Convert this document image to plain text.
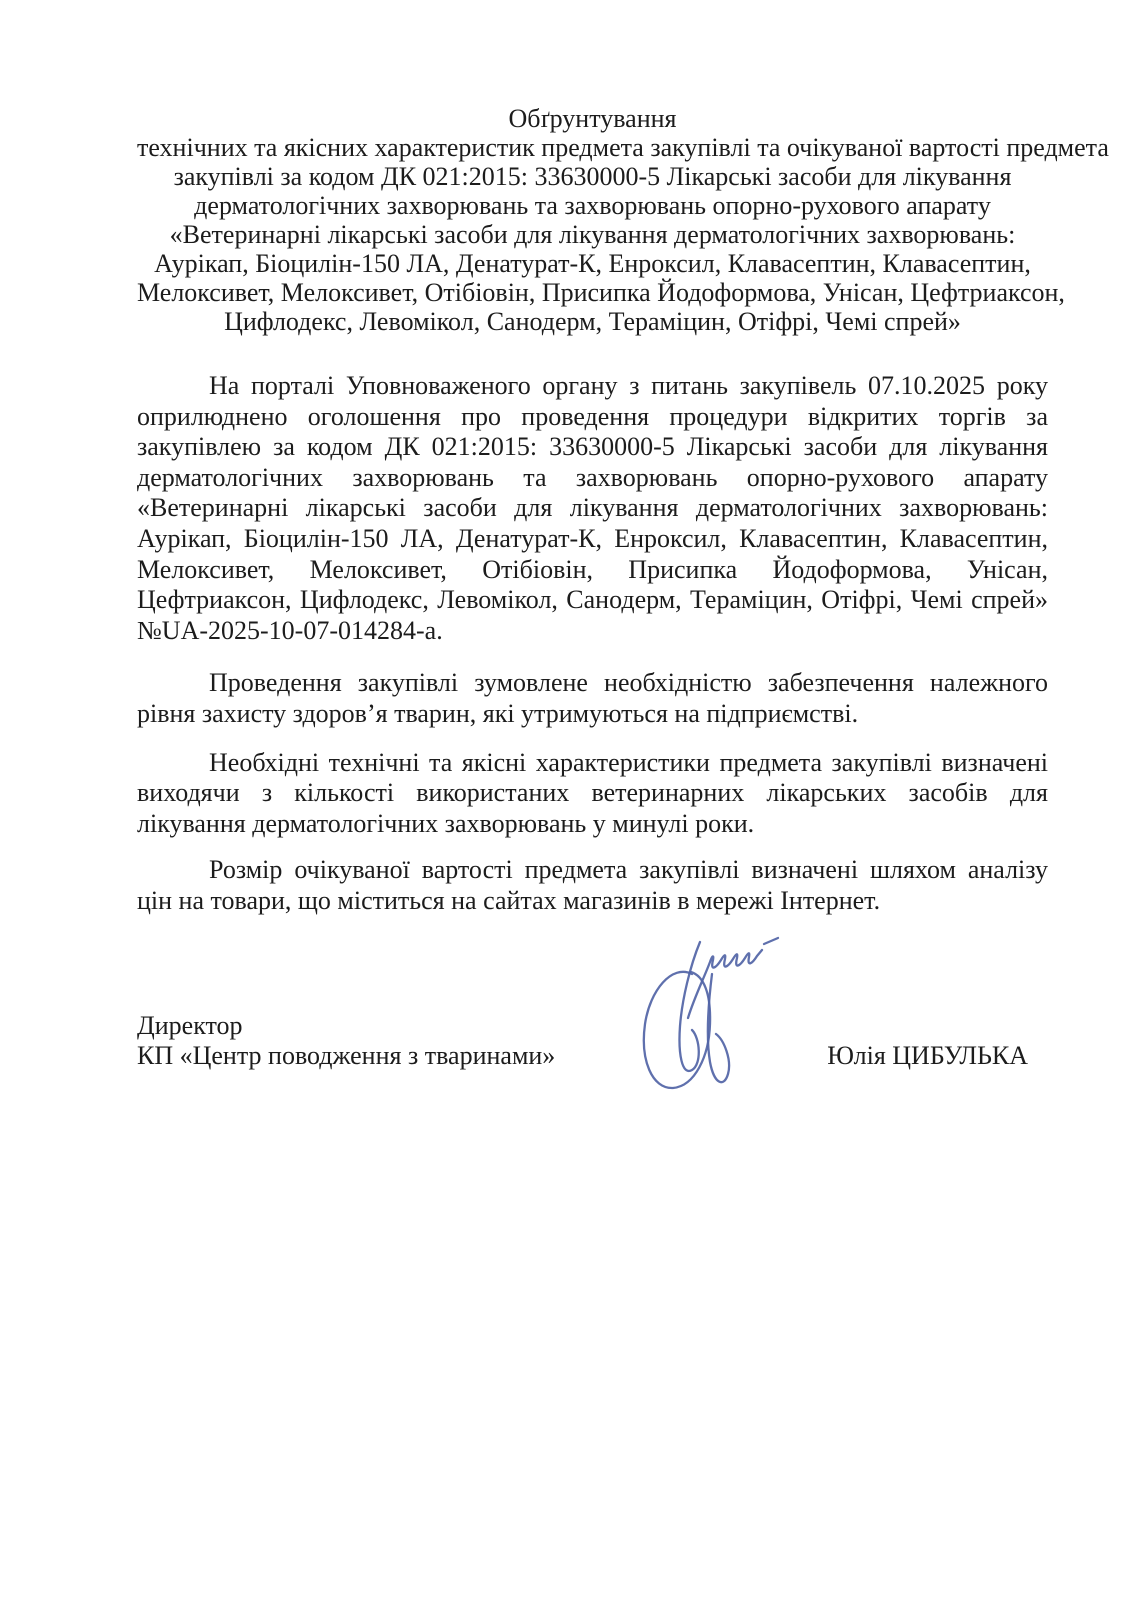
Обґрунтування
технічних та якісних характеристик предмета закупівлі та очікуваної вартості предмета
закупівлі за кодом ДК 021:2015: 33630000-5 Лікарські засоби для лікування
дерматологічних захворювань та захворювань опорно-рухового апарату
«Ветеринарні лікарські засоби для лікування дерматологічних захворювань:
Аурікап, Біоцилін-150 ЛА, Денатурат-К, Енроксил, Клавасептин, Клавасептин,
Мелоксивет, Мелоксивет, Отібіовін, Присипка Йодоформова, Унісан, Цефтриаксон,
Цифлодекс, Левомікол, Санодерм, Тераміцин, Отіфрі, Чемі спрей»

На порталі Уповноваженого органу з питань закупівель 07.10.2025 року оприлюднено оголошення про проведення процедури відкритих торгів за закупівлею за кодом ДК 021:2015: 33630000-5 Лікарські засоби для лікування дерматологічних захворювань та захворювань опорно-рухового апарату «Ветеринарні лікарські засоби для лікування дерматологічних захворювань: Аурікап, Біоцилін-150 ЛА, Денатурат-К, Енроксил, Клавасептин, Клавасептин, Мелоксивет, Мелоксивет, Отібіовін, Присипка Йодоформова, Унісан, Цефтриаксон, Цифлодекс, Левомікол, Санодерм, Тераміцин, Отіфрі, Чемі спрей» №UA-2025-10-07-014284-а.

Проведення закупівлі зумовлене необхідністю забезпечення належного рівня захисту здоров’я тварин, які утримуються на підприємстві.

Необхідні технічні та якісні характеристики предмета закупівлі визначені виходячи з кількості використаних ветеринарних лікарських засобів для лікування дерматологічних захворювань у минулі роки.

Розмір очікуваної вартості предмета закупівлі визначені шляхом аналізу цін на товари, що міститься на сайтах магазинів в мережі Інтернет.

Директор
КП «Центр поводження з тваринами»	Юлія ЦИБУЛЬКА
